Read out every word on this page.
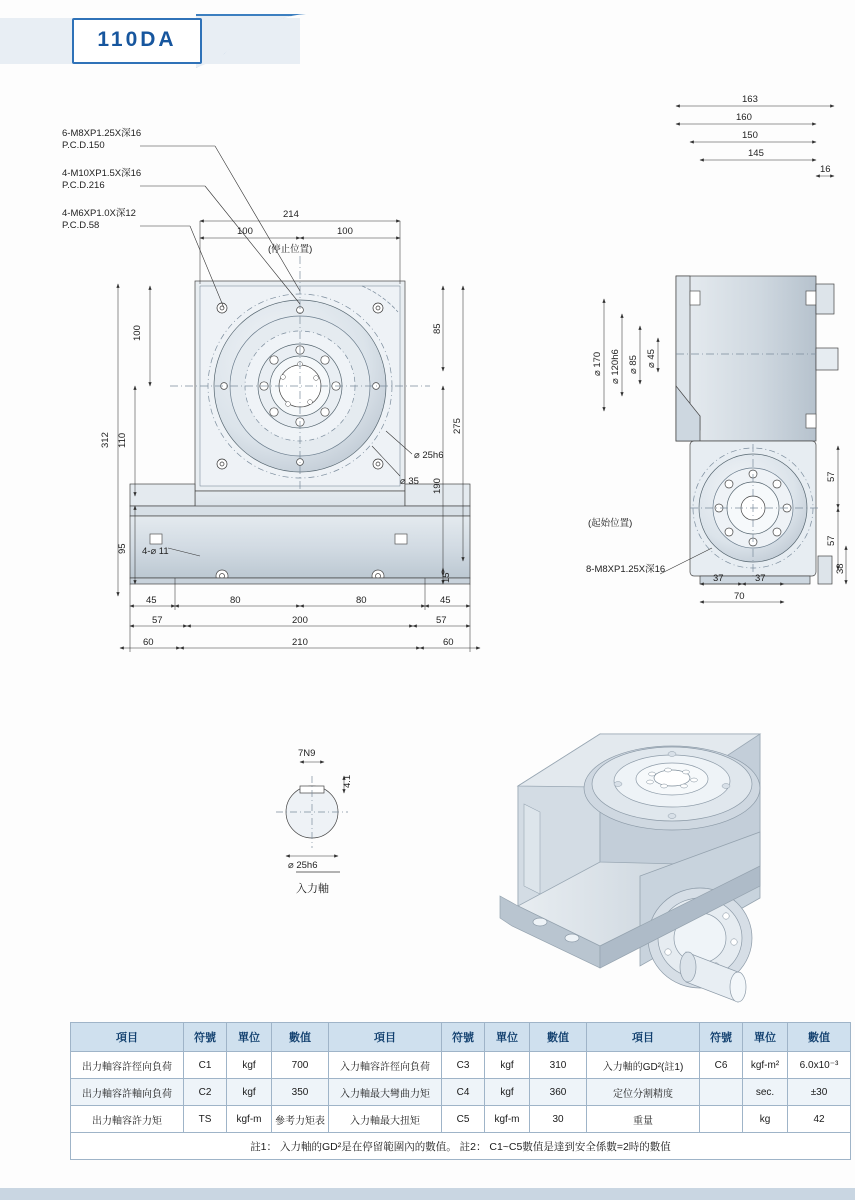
110DA
6-M8XP1.25X深16
P.C.D.150
4-M10XP1.5X深16
P.C.D.216
4-M6XP1.0X深12
P.C.D.58
214
100	100
(停止位置)
100
110
312
95
85
275
190
15
⌀ 25h6
⌀ 35
4-⌀ 11
45	80	80	45
57	200	57
60	210	60
163
160
150
145
16
⌀ 170 ⌀ 120h6 ⌀ 85 ⌀ 45
57
57
38
37	37
70
(起始位置)
8-M8XP1.25X深16
7N9
4.1
⌀ 25h6
入力軸
項目	符號	單位	數值	項目	符號	單位	數值	項目	符號	單位	數值
出力軸容許徑向負荷	C1	kgf	700	入力軸容許徑向負荷	C3	kgf	310	入力軸的GD²(註1)	C6	kgf-m²	6.0x10⁻³
出力軸容許軸向負荷	C2	kgf	350	入力軸最大彎曲力矩	C4	kgf	360	定位分割精度		sec.	±30
出力軸容許力矩	TS	kgf-m	參考力矩表	入力軸最大扭矩	C5	kgf-m	30	重量		kg	42
註1： 入力軸的GD²是在停留範圍內的數值。 註2： C1~C5數值是達到安全係數=2時的數值											
